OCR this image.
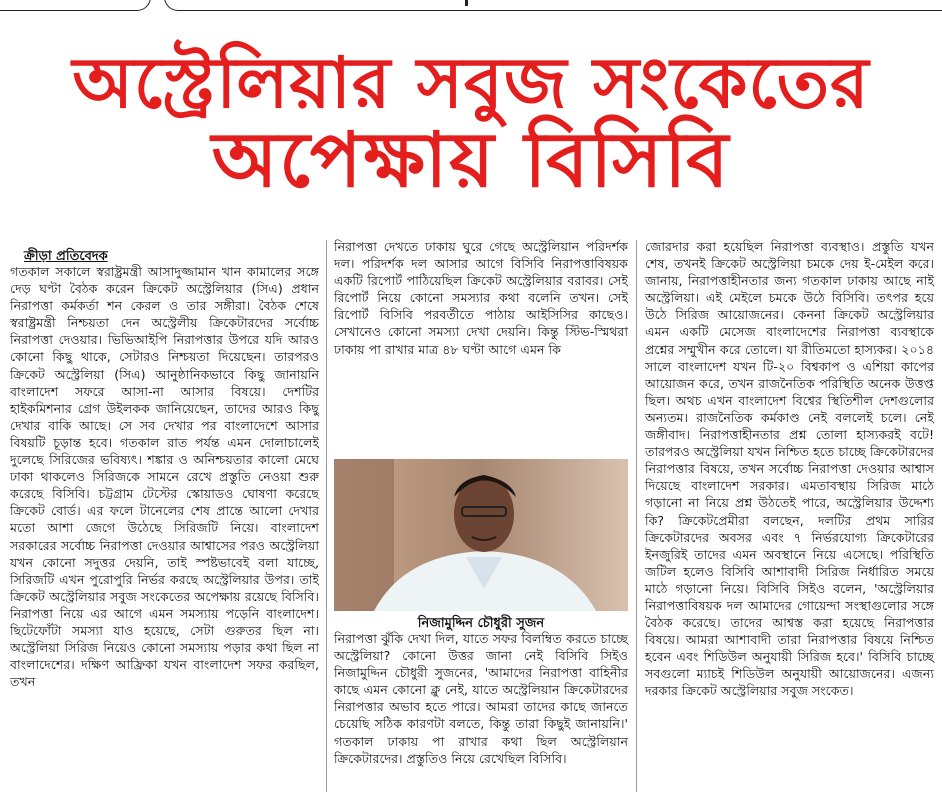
অস্ট্রেলিয়ার সবুজ সংকেতের
অপেক্ষায় বিসিবি
ক্রীড়া প্রতিবেদক

গতকাল সকালে স্বরাষ্ট্রমন্ত্রী আসাদুজ্জামান খান কামালের সঙ্গে দেড় ঘণ্টা বৈঠক করেন ক্রিকেট অস্ট্রেলিয়ার (সিএ) প্রধান নিরাপত্তা কর্মকর্তা শন কেরল ও তার সঙ্গীরা। বৈঠক শেষে স্বরাষ্ট্রমন্ত্রী নিশ্চয়তা দেন অস্ট্রেলীয় ক্রিকেটারদের সর্বোচ্চ নিরাপত্তা দেওয়ার। ভিভিআইপি নিরাপত্তার উপরে যদি আরও কোনো কিছু থাকে, সেটারও নিশ্চয়তা দিয়েছেন। তারপরও ক্রিকেট অস্ট্রেলিয়া (সিএ) আনুষ্ঠানিকভাবে কিছু জানায়নি বাংলাদেশ সফরে আসা-না আসার বিষয়ে। দেশটির হাইকমিশনার গ্রেগ উইলকক জানিয়েছেন, তাদের আরও কিছু দেখার বাকি আছে। সে সব দেখার পর বাংলাদেশে আসার বিষয়টি চূড়ান্ত হবে। গতকাল রাত পর্যন্ত এমন দোলাচালেই দুলেছে সিরিজের ভবিষ্যৎ। শঙ্কার ও অনিশ্চয়তার কালো মেঘে ঢাকা থাকলেও সিরিজকে সামনে রেখে প্রস্তুতি নেওয়া শুরু করেছে বিসিবি। চট্টগ্রাম টেস্টের স্কোয়াডও ঘোষণা করেছে ক্রিকেট বোর্ড। এর ফলে টানেলের শেষ প্রান্তে আলো দেখার মতো আশা জেগে উঠেছে সিরিজটি নিয়ে। বাংলাদেশ সরকারের সর্বোচ্চ নিরাপত্তা দেওয়ার আশ্বাসের পরও অস্ট্রেলিয়া যখন কোনো সদুত্তর দেয়নি, তাই স্পষ্টভাবেই বলা যাচ্ছে, সিরিজটি এখন পুরোপুরি নির্ভর করছে অস্ট্রেলিয়ার উপর। তাই ক্রিকেট অস্ট্রেলিয়ার সবুজ সংকেতের অপেক্ষায় রয়েছে বিসিবি। নিরাপত্তা নিয়ে এর আগে এমন সমস্যায় পড়েনি বাংলাদেশ। ছিটেফোঁটা সমস্যা যাও হয়েছে, সেটা গুরুতর ছিল না। অস্ট্রেলিয়া সিরিজ নিয়েও কোনো সমস্যায় পড়ার কথা ছিল না বাংলাদেশের। দক্ষিণ আফ্রিকা যখন বাংলাদেশ সফর করছিল, তখন

নিরাপত্তা দেখতে ঢাকায় ঘুরে গেছে অস্ট্রেলিয়ান পরিদর্শক দল। পরিদর্শক দল আসার আগে বিসিবি নিরাপত্তাবিষয়ক একটি রিপোর্ট পাঠিয়েছিল ক্রিকেট অস্ট্রেলিয়ার বরাবর। সেই রিপোর্ট নিয়ে কোনো সমস্যার কথা বলেনি তখন। সেই রিপোর্ট বিসিবি পরবর্তীতে পাঠায় আইসিসির কাছেও। সেখানেও কোনো সমস্যা দেখা দেয়নি। কিন্তু স্টিভ-স্মিথরা ঢাকায় পা রাখার মাত্র ৪৮ ঘণ্টা আগে এমন কি

নিজামুদ্দিন চৌধুরী সুজন

নিরাপত্তা ঝুঁকি দেখা দিল, যাতে সফর বিলম্বিত করতে চাচ্ছে অস্ট্রেলিয়া? কোনো উত্তর জানা নেই বিসিবি সিইও নিজামুদ্দিন চৌধুরী সুজনের, 'আমাদের নিরাপত্তা বাহিনীর কাছে এমন কোনো ক্লু নেই, যাতে অস্ট্রেলিয়ান ক্রিকেটারদের নিরাপত্তার অভাব হতে পারে। আমরা তাদের কাছে জানতে চেয়েছি সঠিক কারণটা বলতে, কিন্তু তারা কিছুই জানায়নি।' গতকাল ঢাকায় পা রাখার কথা ছিল অস্ট্রেলিয়ান ক্রিকেটারদের। প্রস্তুতিও নিয়ে রেখেছিল বিসিবি।

জোরদার করা হয়েছিল নিরাপত্তা ব্যবস্থাও। প্রস্তুতি যখন শেষ, তখনই ক্রিকেট অস্ট্রেলিয়া চমকে দেয় ই-মেইল করে। জানায়, নিরাপত্তাহীনতার জন্য গতকাল ঢাকায় আছে নাই অস্ট্রেলিয়া। এই মেইলে চমকে উঠে বিসিবি। তৎপর হয়ে উঠে সিরিজ আয়োজনের। কেননা ক্রিকেট অস্ট্রেলিয়ার এমন একটি মেসেজ বাংলাদেশের নিরাপত্তা ব্যবস্থাকে প্রশ্নের সম্মুখীন করে তোলে। যা রীতিমতো হাস্যকর। ২০১৪ সালে বাংলাদেশ যখন টি-২০ বিশ্বকাপ ও এশিয়া কাপের আয়োজন করে, তখন রাজনৈতিক পরিস্থিতি অনেক উত্তপ্ত ছিল। অথচ এখন বাংলাদেশ বিশ্বের স্থিতিশীল দেশগুলোর অন্যতম। রাজনৈতিক কর্মকাণ্ড নেই বললেই চলে। নেই জঙ্গীবাদ। নিরাপত্তাহীনতার প্রশ্ন তোলা হাস্যকরই বটে! তারপরও অস্ট্রেলিয়া যখন নিশ্চিত হতে চাচ্ছে ক্রিকেটারদের নিরাপত্তার বিষয়ে, তখন সর্বোচ্চ নিরাপত্তা দেওয়ার আশ্বাস দিয়েছে বাংলাদেশ সরকার। এমতাবস্থায় সিরিজ মাঠে গড়ানো না নিয়ে প্রশ্ন উঠতেই পারে, অস্ট্রেলিয়ার উদ্দেশ্য কি? ক্রিকেটপ্রেমীরা বলছেন, দলটির প্রথম সারির ক্রিকেটারদের অবসর এবং ৭ নির্ভরযোগ্য ক্রিকেটারের ইনজুরিই তাদের এমন অবস্থানে নিয়ে এসেছে। পরিস্থিতি জটিল হলেও বিসিবি আশাবাদী সিরিজ নির্ধারিত সময়ে মাঠে গড়ানো নিয়ে। বিসিবি সিইও বলেন, 'অস্ট্রেলিয়ার নিরাপত্তাবিষয়ক দল আমাদের গোয়েন্দা সংস্থাগুলোর সঙ্গে বৈঠক করেছে। তাদের আশ্বস্ত করা হয়েছে নিরাপত্তার বিষয়ে। আমরা আশাবাদী তারা নিরাপত্তার বিষয়ে নিশ্চিত হবেন এবং শিডিউল অনুযায়ী সিরিজ হবে।' বিসিবি চাচ্ছে সবগুলো ম্যাচই শিডিউল অনুযায়ী আয়োজনের। এজন্য দরকার ক্রিকেট অস্ট্রেলিয়ার সবুজ সংকেত।
